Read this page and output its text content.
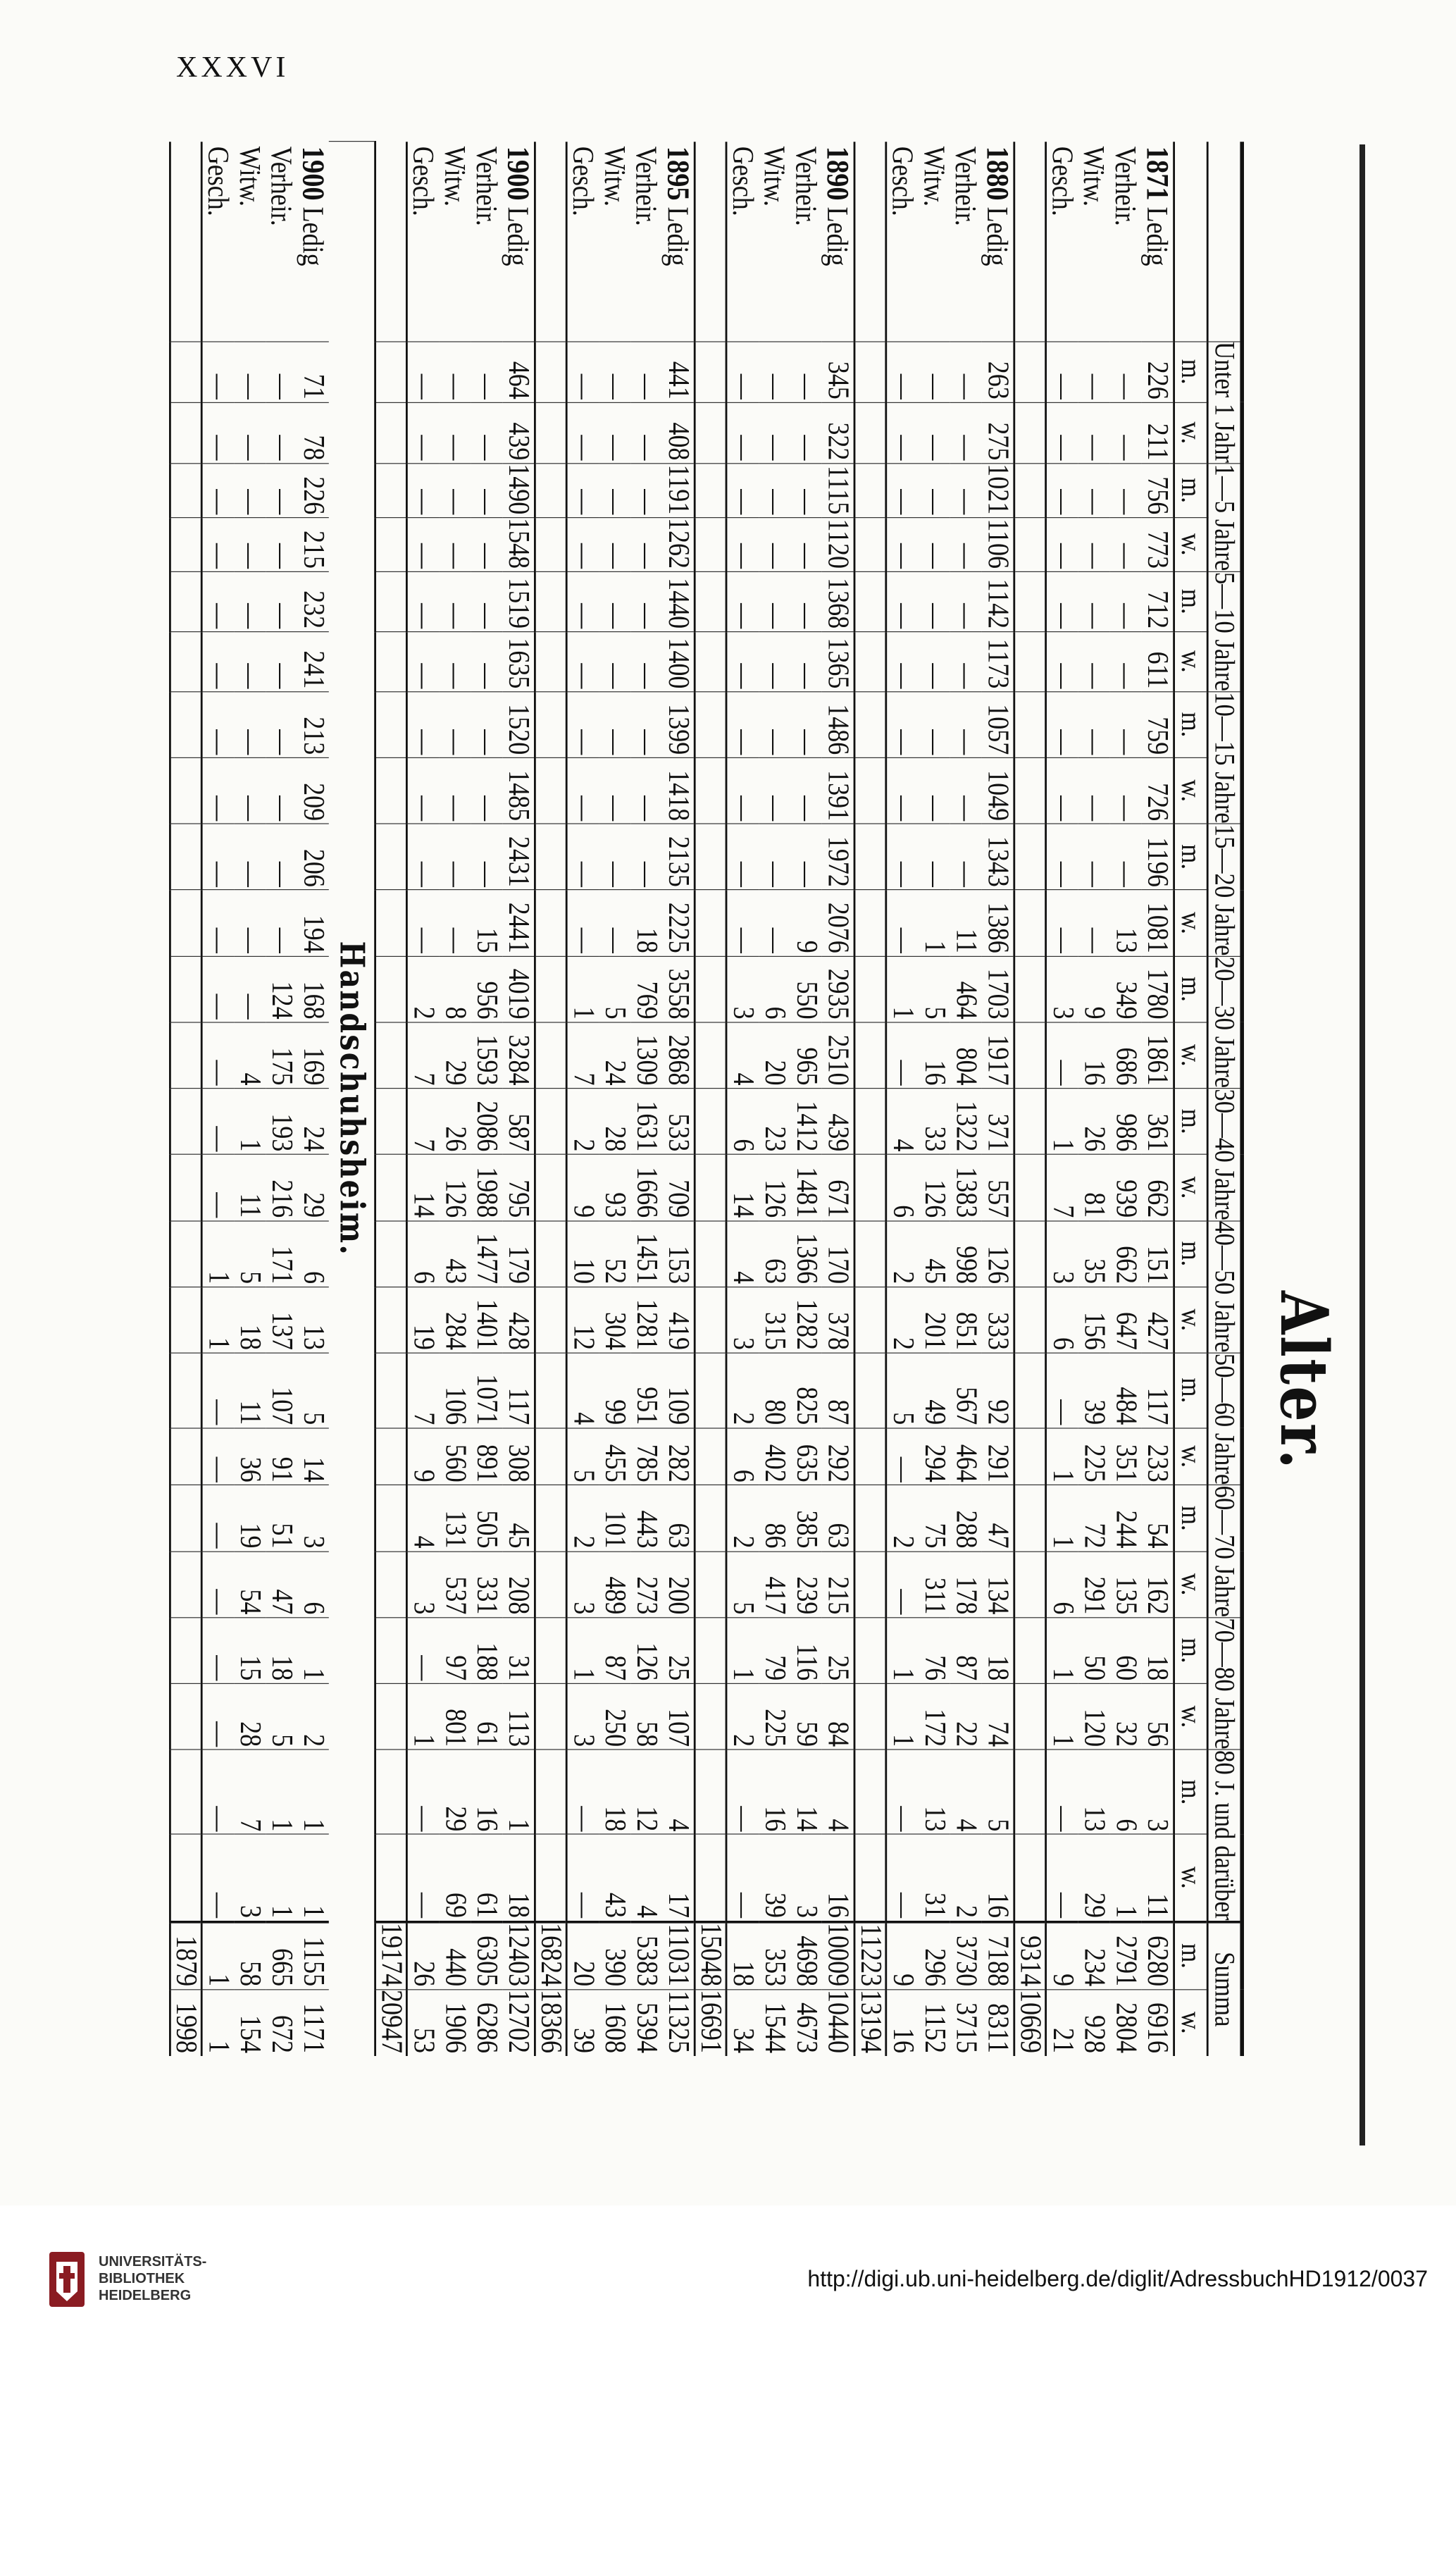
XXXVI
Alter.
	Unter 1 Jahr		1—5 Jahre		5—10 Jahre		10—15 Jahre		15—20 Jahre		20—30 Jahre		30—40 Jahre		40—50 Jahre		50—60 Jahre		60—70 Jahre		70—80 Jahre		80 J. und darüber		Summa	
	m.	w.	m.	w.	m.	w.	m.	w.	m.	w.	m.	w.	m.	w.	m.	w.	m.	w.	m.	w.	m.	w.	m.	w.	m.	w.
1871 Ledig	226	211	756	773	712	611	759	726	1196	1081	1780	1861	361	662	151	427	117	233	54	162	18	56	3	11	6280	6916
Verheir.	—	—	—	—	—	—	—	—	—	13	349	686	986	939	662	647	484	351	244	135	60	32	6	1	2791	2804
Witw.	—	—	—	—	—	—	—	—	—	—	9	16	26	81	35	156	39	225	72	291	50	120	13	29	234	928
Gesch.	—	—	—	—	—	—	—	—	—	—	3	—	1	7	3	6	—	1	1	6	1	1	—	—	9	21
																									9314	10669
1880 Ledig	263	275	1021	1106	1142	1173	1057	1049	1343	1386	1703	1917	371	557	126	333	92	291	47	134	18	74	5	16	7188	8311
Verheir.	—	—	—	—	—	—	—	—	—	11	464	804	1322	1383	998	851	567	464	288	178	87	22	4	2	3730	3715
Witw.	—	—	—	—	—	—	—	—	—	1	5	16	33	126	45	201	49	294	75	311	76	172	13	31	296	1152
Gesch.	—	—	—	—	—	—	—	—	—	—	1	—	4	6	2	2	5	—	2	—	1	1	—	—	9	16
																									11223	13194
1890 Ledig	345	322	1115	1120	1368	1365	1486	1391	1972	2076	2935	2510	439	671	170	378	87	292	63	215	25	84	4	16	10009	10440
Verheir.	—	—	—	—	—	—	—	—	—	9	550	965	1412	1481	1366	1282	825	635	385	239	116	59	14	3	4698	4673
Witw.	—	—	—	—	—	—	—	—	—	—	6	20	23	126	63	315	80	402	86	417	79	225	16	39	353	1544
Gesch.	—	—	—	—	—	—	—	—	—	—	3	4	6	14	4	3	2	6	2	5	1	2	—	—	18	34
																									15048	16691
1895 Ledig	441	408	1191	1262	1440	1400	1399	1418	2135	2225	3558	2868	533	709	153	419	109	282	63	200	25	107	4	17	11031	11325
Verheir.	—	—	—	—	—	—	—	—	—	18	769	1309	1631	1666	1451	1281	951	785	443	273	126	58	12	4	5383	5394
Witw.	—	—	—	—	—	—	—	—	—	—	5	24	28	93	52	304	99	455	101	489	87	250	18	43	390	1608
Gesch.	—	—	—	—	—	—	—	—	—	—	1	7	2	9	10	12	4	5	2	3	1	3	—	—	20	39
																									16824	18366
1900 Ledig	464	439	1490	1548	1519	1635	1520	1485	2431	2441	4019	3284	587	795	179	428	117	308	45	208	31	113	1	18	12403	12702
Verheir.	—	—	—	—	—	—	—	—	—	15	956	1593	2086	1988	1477	1401	1071	891	505	331	188	61	16	61	6305	6286
Witw.	—	—	—	—	—	—	—	—	—	—	8	29	26	126	43	284	106	560	131	537	97	801	29	69	440	1906
Gesch.	—	—	—	—	—	—	—	—	—	—	2	7	7	14	6	19	7	9	4	3	—	1	—	—	26	53
																									19174	20947
Handschuhsheim.																										
1900 Ledig	71	78	226	215	232	241	213	209	206	194	168	169	24	29	6	13	5	14	3	6	1	2	1	1	1155	1171
Verheir.	—	—	—	—	—	—	—	—	—	—	124	175	193	216	171	137	107	91	51	47	18	5	1	1	665	672
Witw.	—	—	—	—	—	—	—	—	—	—	—	4	1	11	5	18	11	36	19	54	15	28	7	3	58	154
Gesch.	—	—	—	—	—	—	—	—	—	—	—	—	—	—	1	1	—	—	—	—	—	—	—	—	1	1
																									1879	1998
UNIVERSITÄTS-
BIBLIOTHEK
HEIDELBERG
http://digi.ub.uni-heidelberg.de/diglit/AdressbuchHD1912/0037
